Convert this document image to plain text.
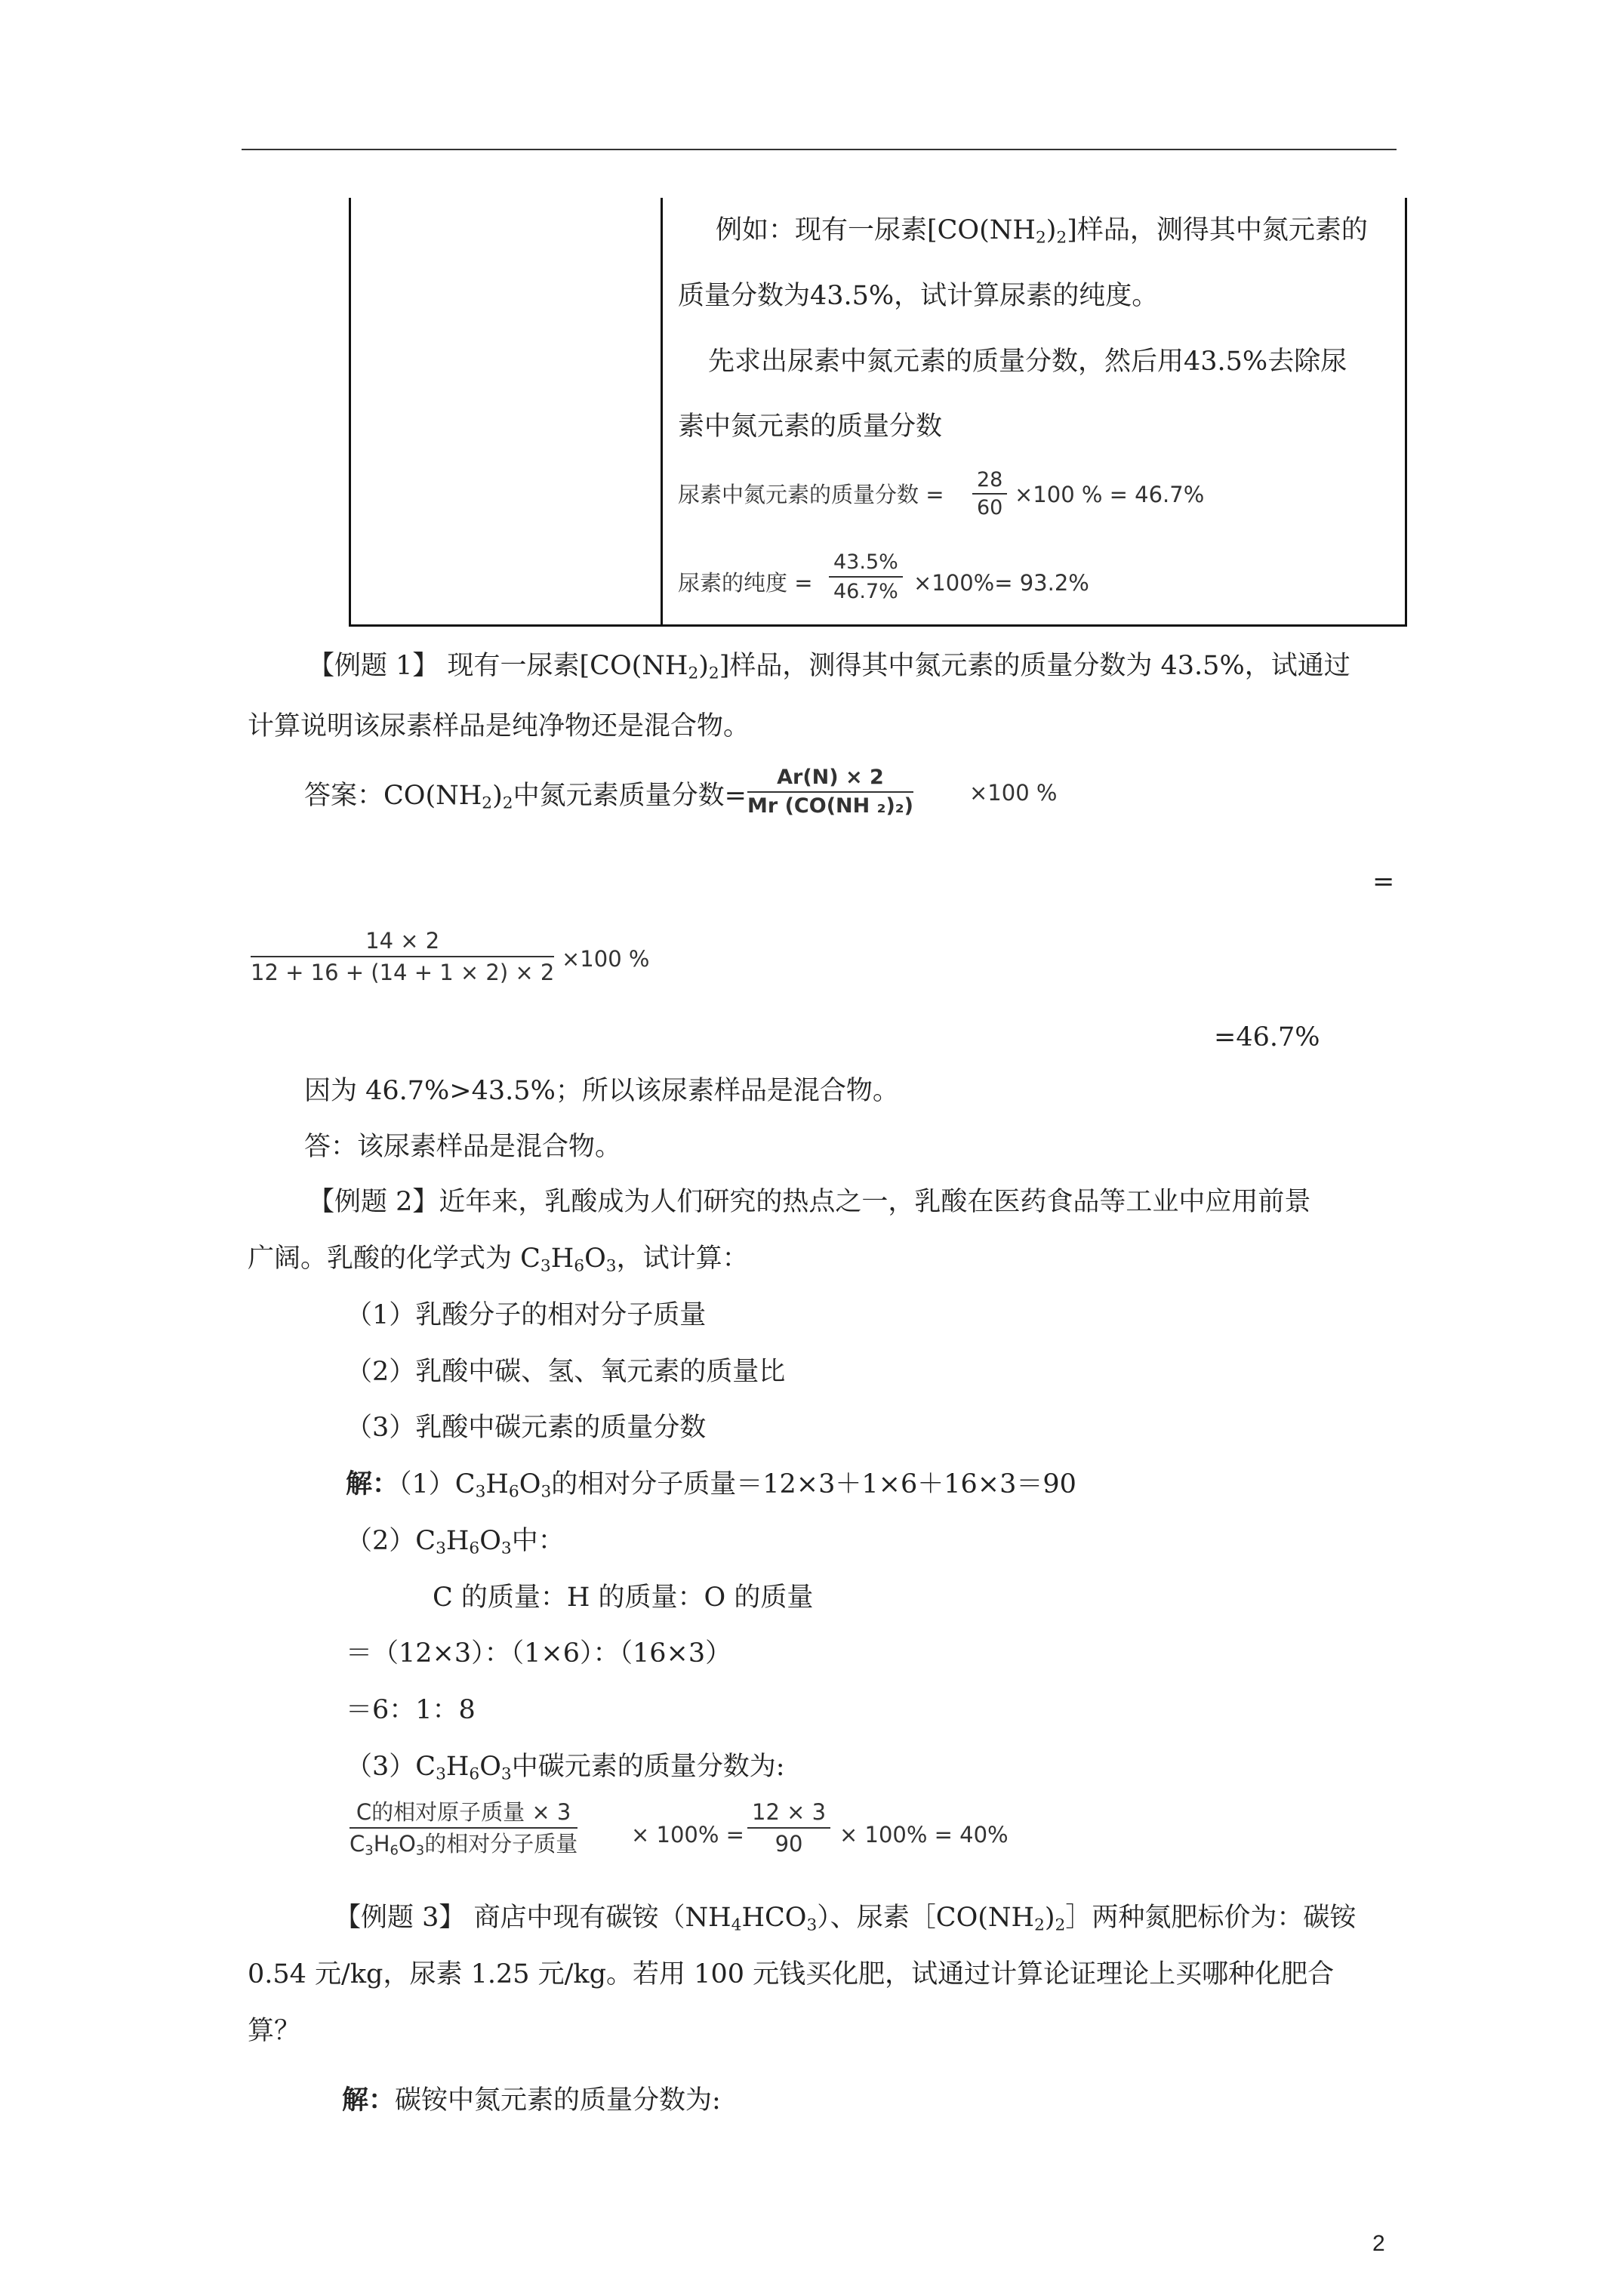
例如：现有一尿素$[CO(NH_2)_2]$样品，测得其中氮元素的
质量分数为43.5%，试计算尿素的纯度。
先求出尿素中氮元素的质量分数，然后用43.5%去除尿
素中氮元素的质量分数
尿素中氮元素的质量分数 = $\frac{28}{60} \times 100$ % = 46.7%
尿素的纯度 = $\frac{43.5\%}{46.7\%} \times 100\%= 93.2\%$
【例题 1】 现有一尿素$[CO(NH_2)_2]$样品，测得其中氮元素的质量分数为 43.5%，试通过
计算说明该尿素样品是纯净物还是混合物。
答案：$CO(NH_2)_2$中氮元素质量分数= $\frac{Ar(N) \times 2}{\text{Mr (CO(NH ₂)₂)}}$	×100 %
=
$\frac{14 \times 2}{12 + 16 + (14 + 1 \times 2) \times 2} \times 100$ %
=46.7%
因为 46.7%>43.5%；所以该尿素样品是混合物。
答：该尿素样品是混合物。
【例题 2】近年来，乳酸成为人们研究的热点之一，乳酸在医药食品等工业中应用前景
广阔。乳酸的化学式为 $C_3H_6O_3$，试计算：
（1）乳酸分子的相对分子质量
（2）乳酸中碳、氢、氧元素的质量比
（3）乳酸中碳元素的质量分数
解：$(1)C_3H_6O_3$的相对分子质量＝12×3＋1×6＋16×3＝90
$(2)C_3H_6O_3$中：
C 的质量：H 的质量：O 的质量
＝（12×3）：（1×6）：（16×3）
＝6：1：8
$(3)C_3H_6O_3$中碳元素的质量分数为:
C的相对原子质量 × 3
$C_3H_6O_3$的相对分子质量 × $100\% = \frac{12 \times 3}{90} \times 100\% = 40\%$
【例题 3】 商店中现有碳铵$(NH_4HCO_3)$、尿素$[CO(NH_2)_2]$两种氮肥标价为：碳铵
0.54 元/kg，尿素 1.25 元/kg。若用 100 元钱买化肥，试通过计算论证理论上买哪种化肥合
算？
解：碳铵中氮元素的质量分数为:
2
